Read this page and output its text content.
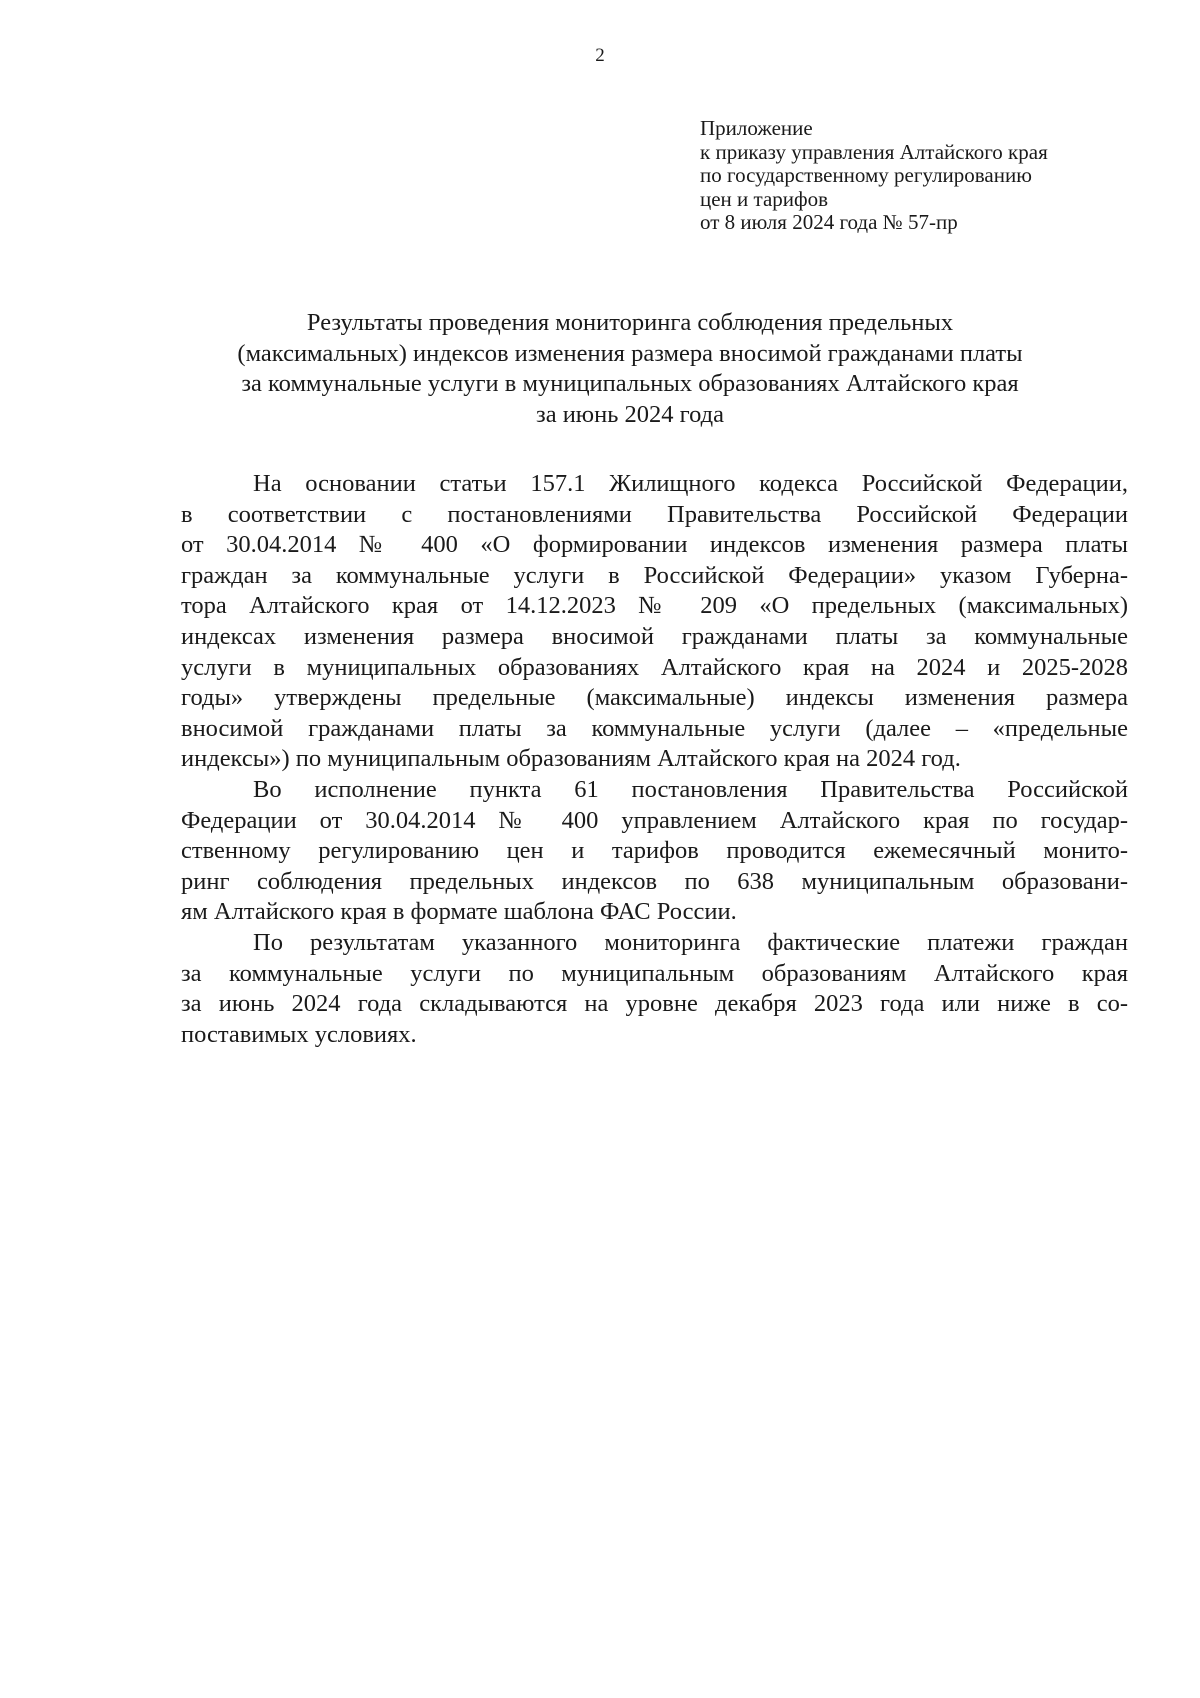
2
Приложение
к приказу управления Алтайского края
по государственному регулированию
цен и тарифов
от 8 июля 2024 года № 57-пр
Результаты проведения мониторинга соблюдения предельных
(максимальных) индексов изменения размера вносимой гражданами платы
за коммунальные услуги в муниципальных образованиях Алтайского края
за июнь 2024 года
На основании статьи 157.1 Жилищного кодекса Российской Федерации,
в соответствии с постановлениями Правительства Российской Федерации
от 30.04.2014 № 400 «О формировании индексов изменения размера платы
граждан за коммунальные услуги в Российской Федерации» указом Губерна-
тора Алтайского края от 14.12.2023 № 209 «О предельных (максимальных)
индексах изменения размера вносимой гражданами платы за коммунальные
услуги в муниципальных образованиях Алтайского края на 2024 и 2025-2028
годы» утверждены предельные (максимальные) индексы изменения размера
вносимой гражданами платы за коммунальные услуги (далее – «предельные
индексы») по муниципальным образованиям Алтайского края на 2024 год.
Во исполнение пункта 61 постановления Правительства Российской
Федерации от 30.04.2014 № 400 управлением Алтайского края по государ-
ственному регулированию цен и тарифов проводится ежемесячный монито-
ринг соблюдения предельных индексов по 638 муниципальным образовани-
ям Алтайского края в формате шаблона ФАС России.
По результатам указанного мониторинга фактические платежи граждан
за коммунальные услуги по муниципальным образованиям Алтайского края
за июнь 2024 года складываются на уровне декабря 2023 года или ниже в со-
поставимых условиях.
